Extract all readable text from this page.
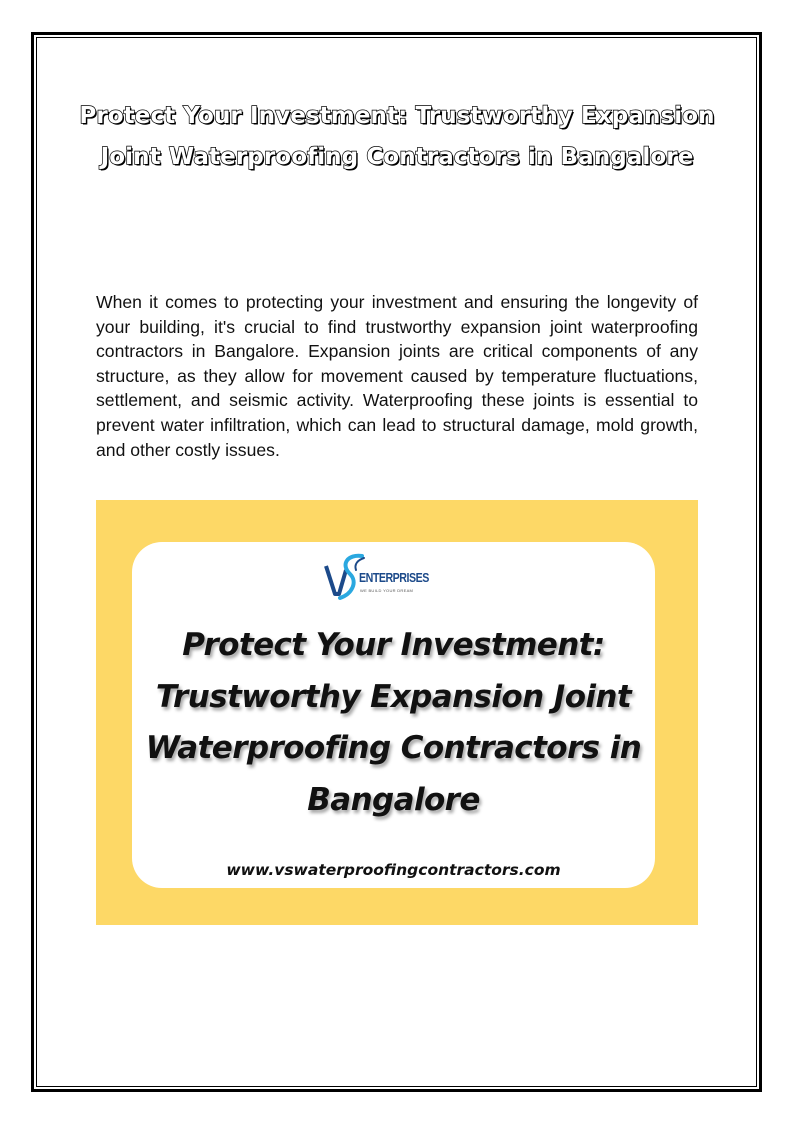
Protect Your Investment: Trustworthy Expansion Joint Waterproofing Contractors in Bangalore

When it comes to protecting your investment and ensuring the longevity of your building, it's crucial to find trustworthy expansion joint waterproofing contractors in Bangalore. Expansion joints are critical components of any structure, as they allow for movement caused by temperature fluctuations, settlement, and seismic activity. Waterproofing these joints is essential to prevent water infiltration, which can lead to structural damage, mold growth, and other costly issues.

ENTERPRISES
WE BUILD YOUR DREAM
Protect Your Investment: Trustworthy Expansion Joint Waterproofing Contractors in Bangalore

www.vswaterproofingcontractors.com
